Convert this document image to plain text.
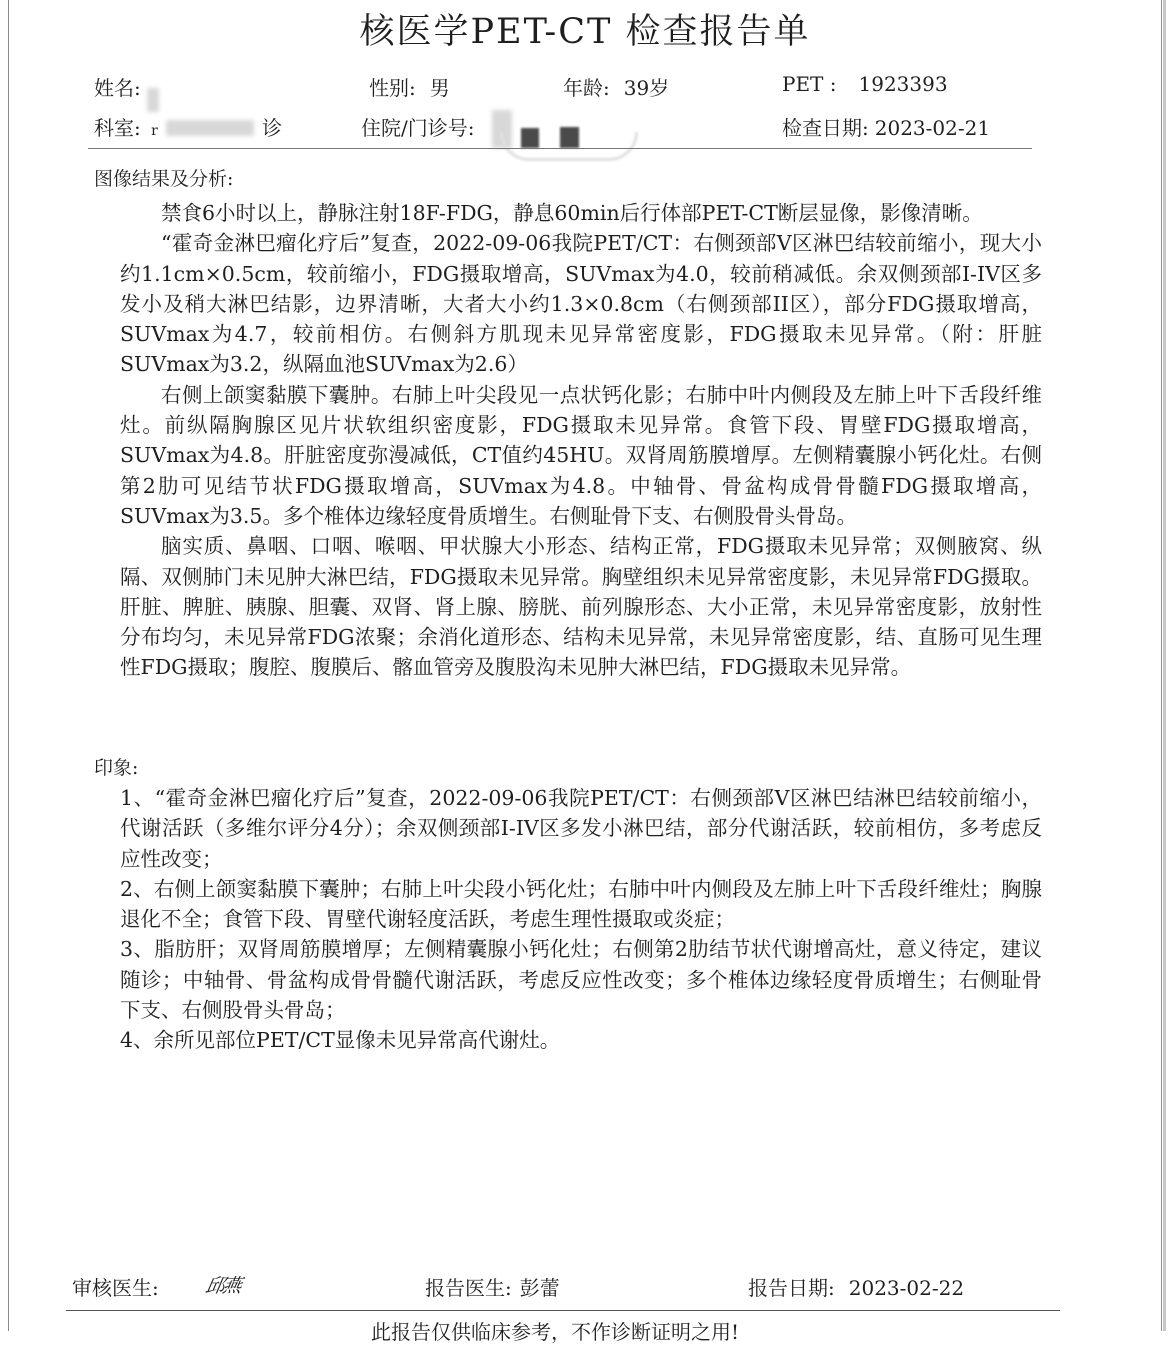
核医学PET-CT 检查报告单
姓名:	性别: 男	年龄: 39岁	PET : 1923393
科室: r	诊	住院/门诊号:	检查日期: 2023-02-21
图像结果及分析:

禁食6小时以上，静脉注射18F-FDG，静息60min后行体部PET-CT断层显像，影像清晰。

“霍奇金淋巴瘤化疗后”复查，2022-09-06我院PET/CT：右侧颈部V区淋巴结较前缩小，现大小约1.1cm×0.5cm，较前缩小，FDG摄取增高，SUVmax为4.0，较前稍减低。余双侧颈部I-IV区多发小及稍大淋巴结影，边界清晰，大者大小约1.3×0.8cm（右侧颈部II区），部分FDG摄取增高，SUVmax为4.7，较前相仿。右侧斜方肌现未见异常密度影，FDG摄取未见异常。（附：肝脏SUVmax为3.2，纵隔血池SUVmax为2.6）

右侧上颌窦黏膜下囊肿。右肺上叶尖段见一点状钙化影；右肺中叶内侧段及左肺上叶下舌段纤维灶。前纵隔胸腺区见片状软组织密度影，FDG摄取未见异常。食管下段、胃壁FDG摄取增高，SUVmax为4.8。肝脏密度弥漫减低，CT值约45HU。双肾周筋膜增厚。左侧精囊腺小钙化灶。右侧第2肋可见结节状FDG摄取增高，SUVmax为4.8。中轴骨、骨盆构成骨骨髓FDG摄取增高，SUVmax为3.5。多个椎体边缘轻度骨质增生。右侧耻骨下支、右侧股骨头骨岛。

脑实质、鼻咽、口咽、喉咽、甲状腺大小形态、结构正常，FDG摄取未见异常；双侧腋窝、纵隔、双侧肺门未见肿大淋巴结，FDG摄取未见异常。胸壁组织未见异常密度影，未见异常FDG摄取。肝脏、脾脏、胰腺、胆囊、双肾、肾上腺、膀胱、前列腺形态、大小正常，未见异常密度影，放射性分布均匀，未见异常FDG浓聚；余消化道形态、结构未见异常，未见异常密度影，结、直肠可见生理性FDG摄取；腹腔、腹膜后、髂血管旁及腹股沟未见肿大淋巴结，FDG摄取未见异常。

印象:

1、“霍奇金淋巴瘤化疗后”复查，2022-09-06我院PET/CT：右侧颈部V区淋巴结淋巴结较前缩小，代谢活跃（多维尔评分4分）；余双侧颈部I-IV区多发小淋巴结，部分代谢活跃，较前相仿，多考虑反应性改变；

2、右侧上颌窦黏膜下囊肿；右肺上叶尖段小钙化灶；右肺中叶内侧段及左肺上叶下舌段纤维灶；胸腺退化不全；食管下段、胃壁代谢轻度活跃，考虑生理性摄取或炎症；

3、脂肪肝；双肾周筋膜增厚；左侧精囊腺小钙化灶；右侧第2肋结节状代谢增高灶，意义待定，建议随诊；中轴骨、骨盆构成骨骨髓代谢活跃，考虑反应性改变；多个椎体边缘轻度骨质增生；右侧耻骨下支、右侧股骨头骨岛；

4、余所见部位PET/CT显像未见异常高代谢灶。

审核医生: 邱燕	报告医生: 彭蕾	报告日期: 2023-02-22
此报告仅供临床参考，不作诊断证明之用!
